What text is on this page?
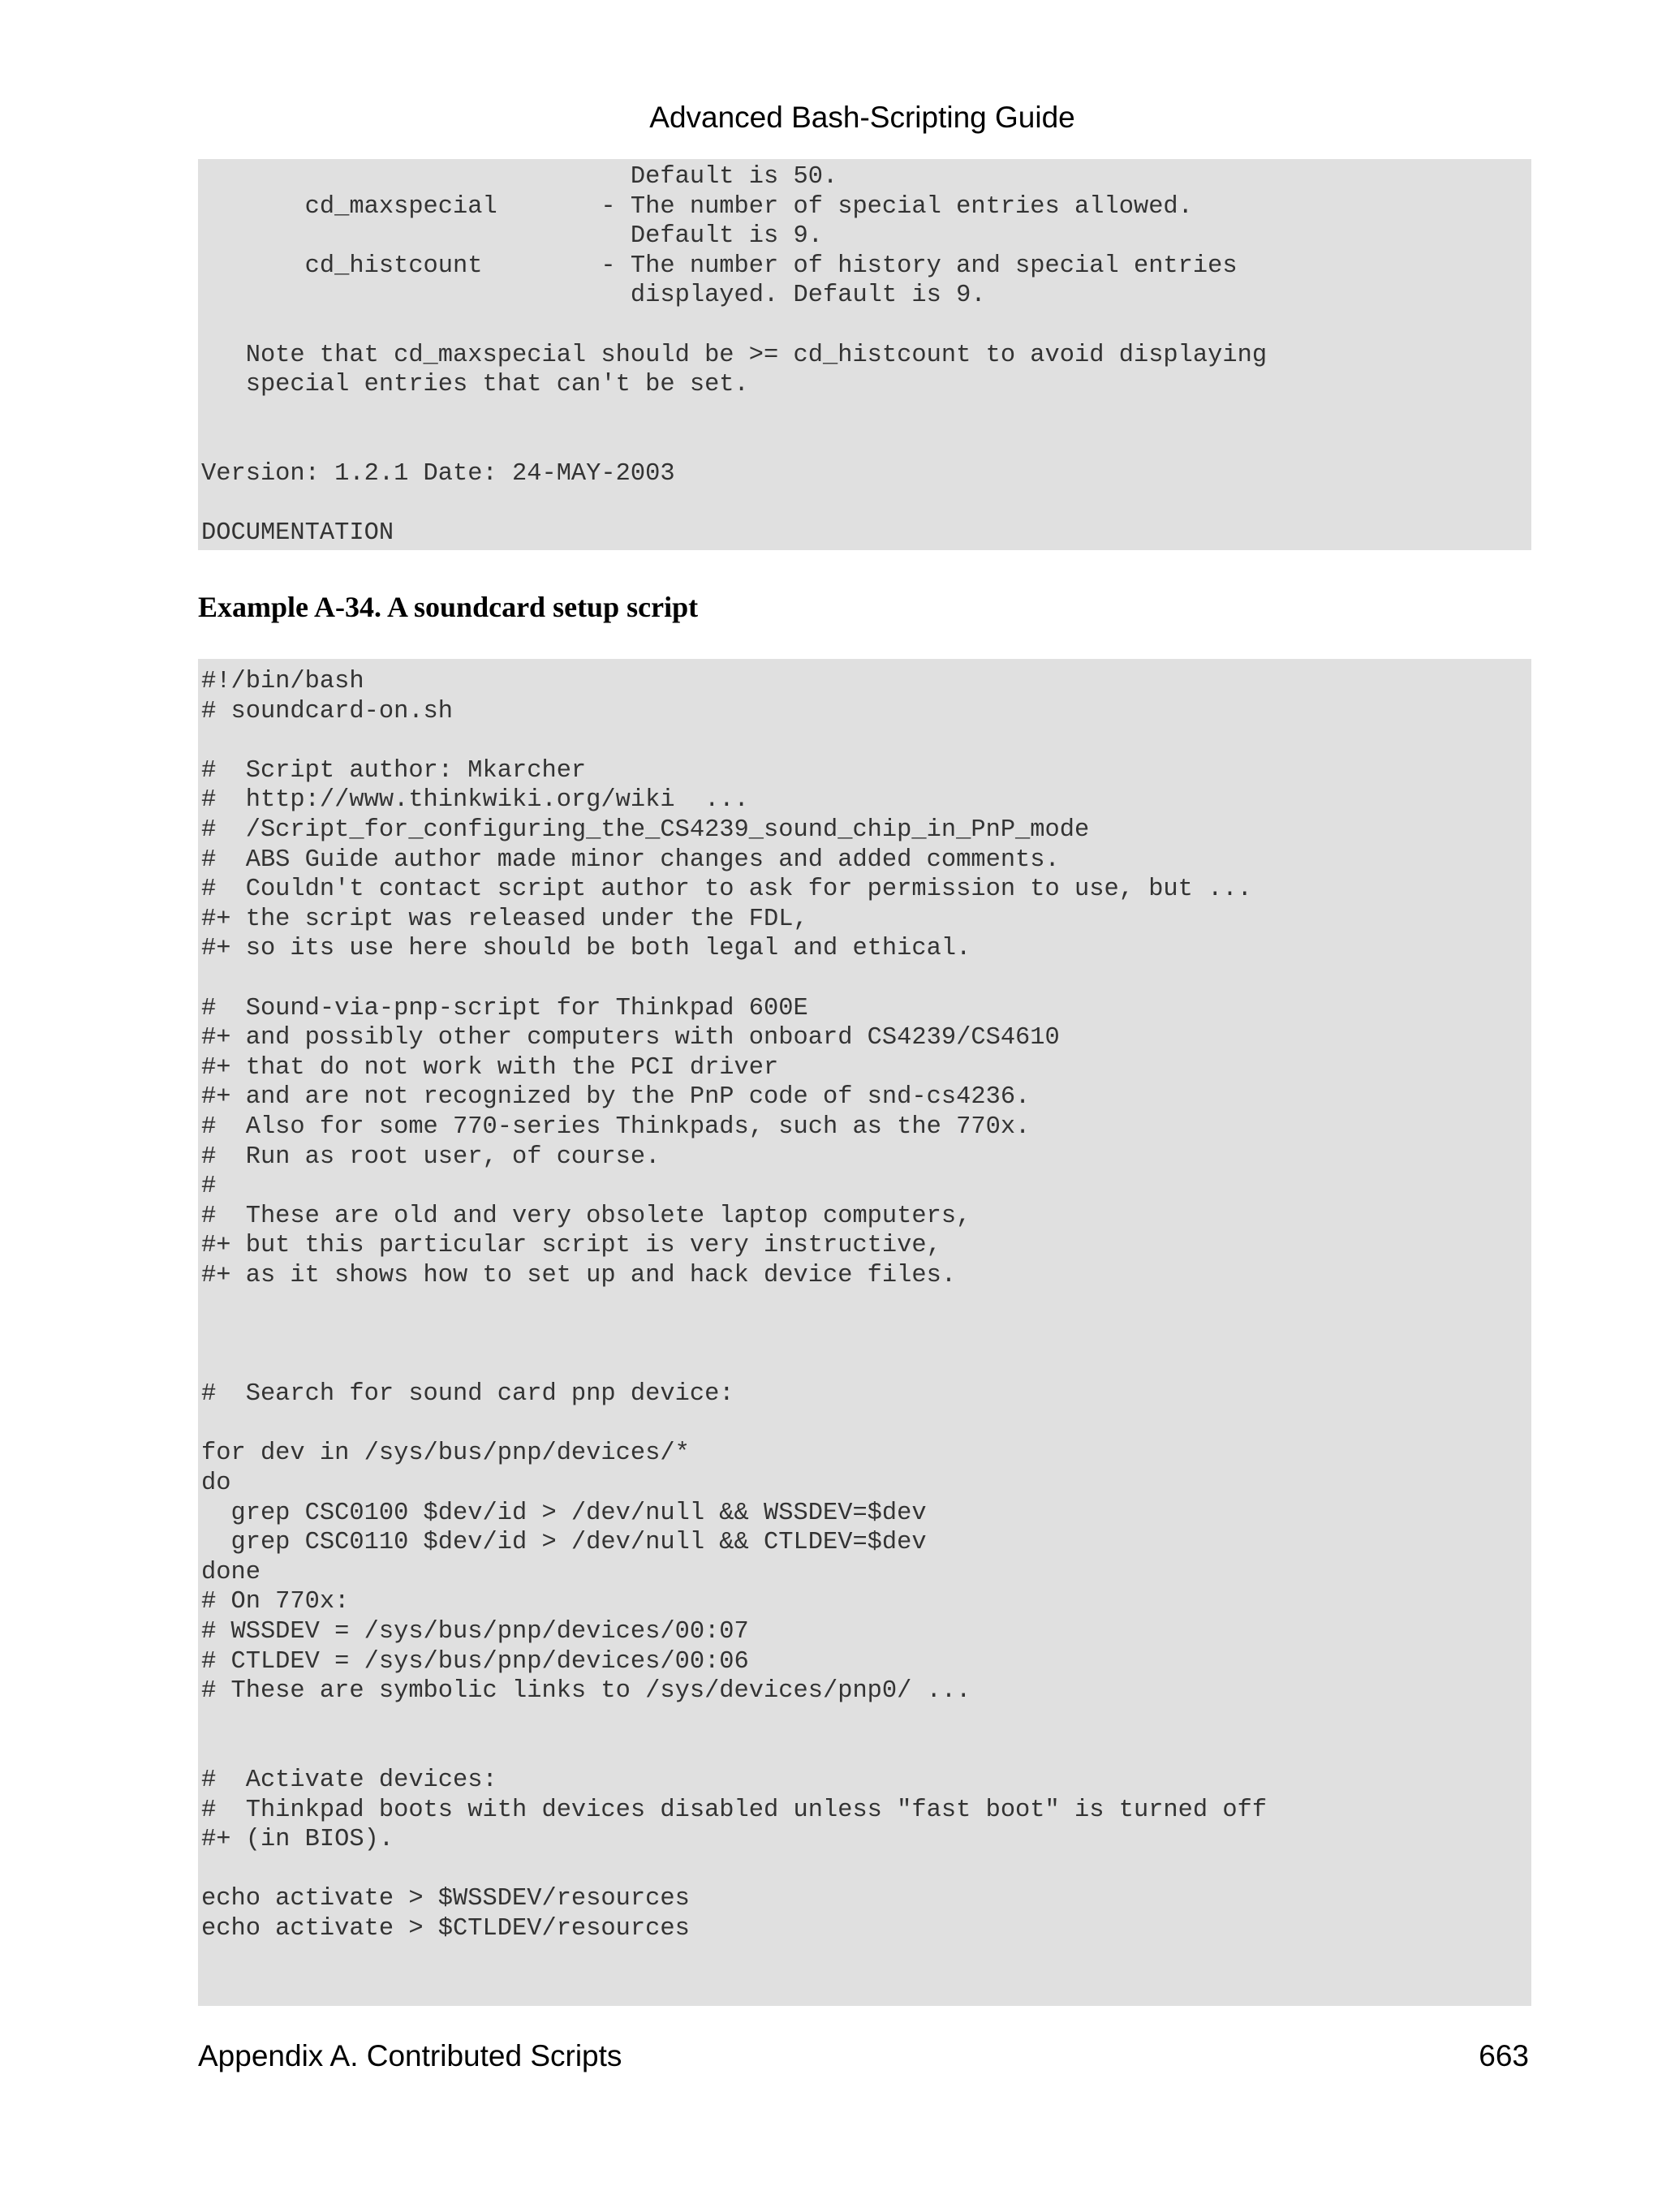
Advanced Bash-Scripting Guide
Default is 50.
cd_maxspecial       - The number of special entries allowed.
Default is 9.
cd_histcount        - The number of history and special entries
displayed. Default is 9.

Note that cd_maxspecial should be >= cd_histcount to avoid displaying
special entries that can't be set.

Version: 1.2.1 Date: 24-MAY-2003

DOCUMENTATION

Example A-34. A soundcard setup script
#!/bin/bash
# soundcard-on.sh

#  Script author: Mkarcher
#  http://www.thinkwiki.org/wiki  ...
#  /Script_for_configuring_the_CS4239_sound_chip_in_PnP_mode
#  ABS Guide author made minor changes and added comments.
#  Couldn't contact script author to ask for permission to use, but ...
#+ the script was released under the FDL,
#+ so its use here should be both legal and ethical.

#  Sound-via-pnp-script for Thinkpad 600E
#+ and possibly other computers with onboard CS4239/CS4610
#+ that do not work with the PCI driver
#+ and are not recognized by the PnP code of snd-cs4236.
#  Also for some 770-series Thinkpads, such as the 770x.
#  Run as root user, of course.
#
#  These are old and very obsolete laptop computers,
#+ but this particular script is very instructive,
#+ as it shows how to set up and hack device files.

#  Search for sound card pnp device:

for dev in /sys/bus/pnp/devices/*
do
grep CSC0100 $dev/id > /dev/null && WSSDEV=$dev
grep CSC0110 $dev/id > /dev/null && CTLDEV=$dev
done
# On 770x:
# WSSDEV = /sys/bus/pnp/devices/00:07
# CTLDEV = /sys/bus/pnp/devices/00:06
# These are symbolic links to /sys/devices/pnp0/ ...

#  Activate devices:
#  Thinkpad boots with devices disabled unless "fast boot" is turned off
#+ (in BIOS).

echo activate > $WSSDEV/resources
echo activate > $CTLDEV/resources

Appendix A. Contributed Scripts	663
